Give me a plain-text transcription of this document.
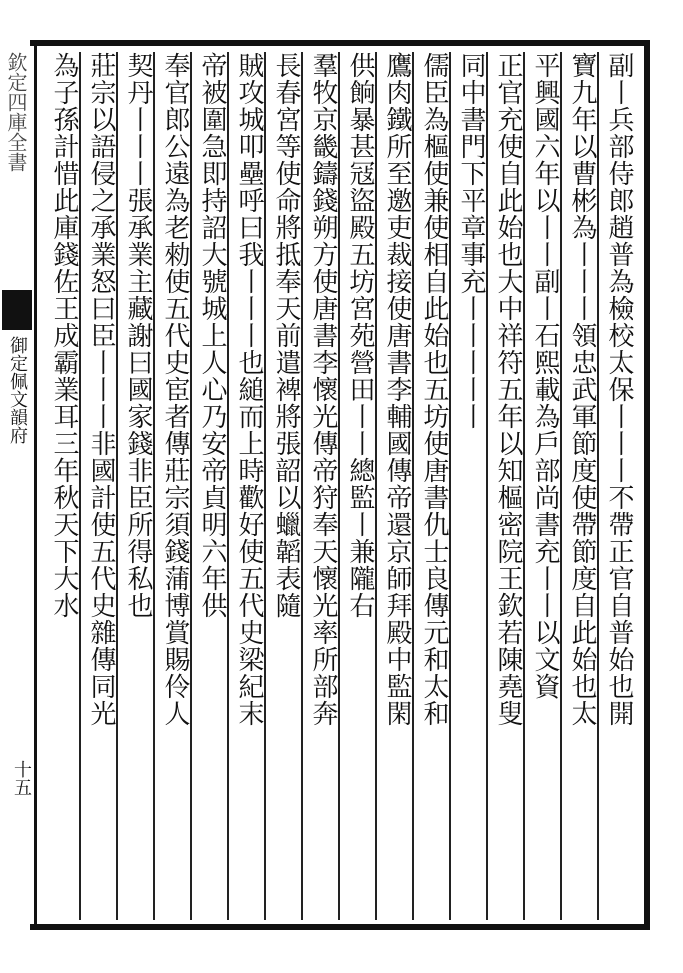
欽定四庫全書
御定佩文韻府
十五
副丨兵部侍郎趙普為檢校太保丨丨丨不帶正官自普始也開
寶九年以曹彬為丨丨丨領忠武軍節度使帶節度自此始也太
平興國六年以丨丨副丨石熙載為戶部尚書充丨丨以文資
正官充使自此始也大中祥符五年以知樞密院王欽若陳堯叟
同中書門下平章事充丨丨丨丨丨
儒臣為樞使兼使相自此始也五坊使唐書仇士良傳元和太和
鷹肉鐵所至邀吏裁接使唐書李輔國傳帝還京師拜殿中監閑
供餉暴甚冦盜殿五坊宮苑營田丨丨總監丨兼隴右
羣牧京畿鑄錢朔方使唐書李懷光傳帝狩奉天懷光率所部奔
長春宮等使命將抵奉天前遣裨將張韶以蠟韜表隨
賊攻城叩壘呼曰我丨丨丨也縋而上時歡好使五代史梁紀末
帝被圍急即持詔大號城上人心乃安帝貞明六年供
奉官郎公遠為老勑使五代史宦者傳莊宗須錢蒲博賞賜伶人
契丹丨丨丨張承業主藏謝曰國家錢非臣所得私也
莊宗以語侵之承業怒曰臣丨丨丨非國計使五代史雜傳同光
為子孫計惜此庫錢佐王成霸業耳三年秋天下大水
